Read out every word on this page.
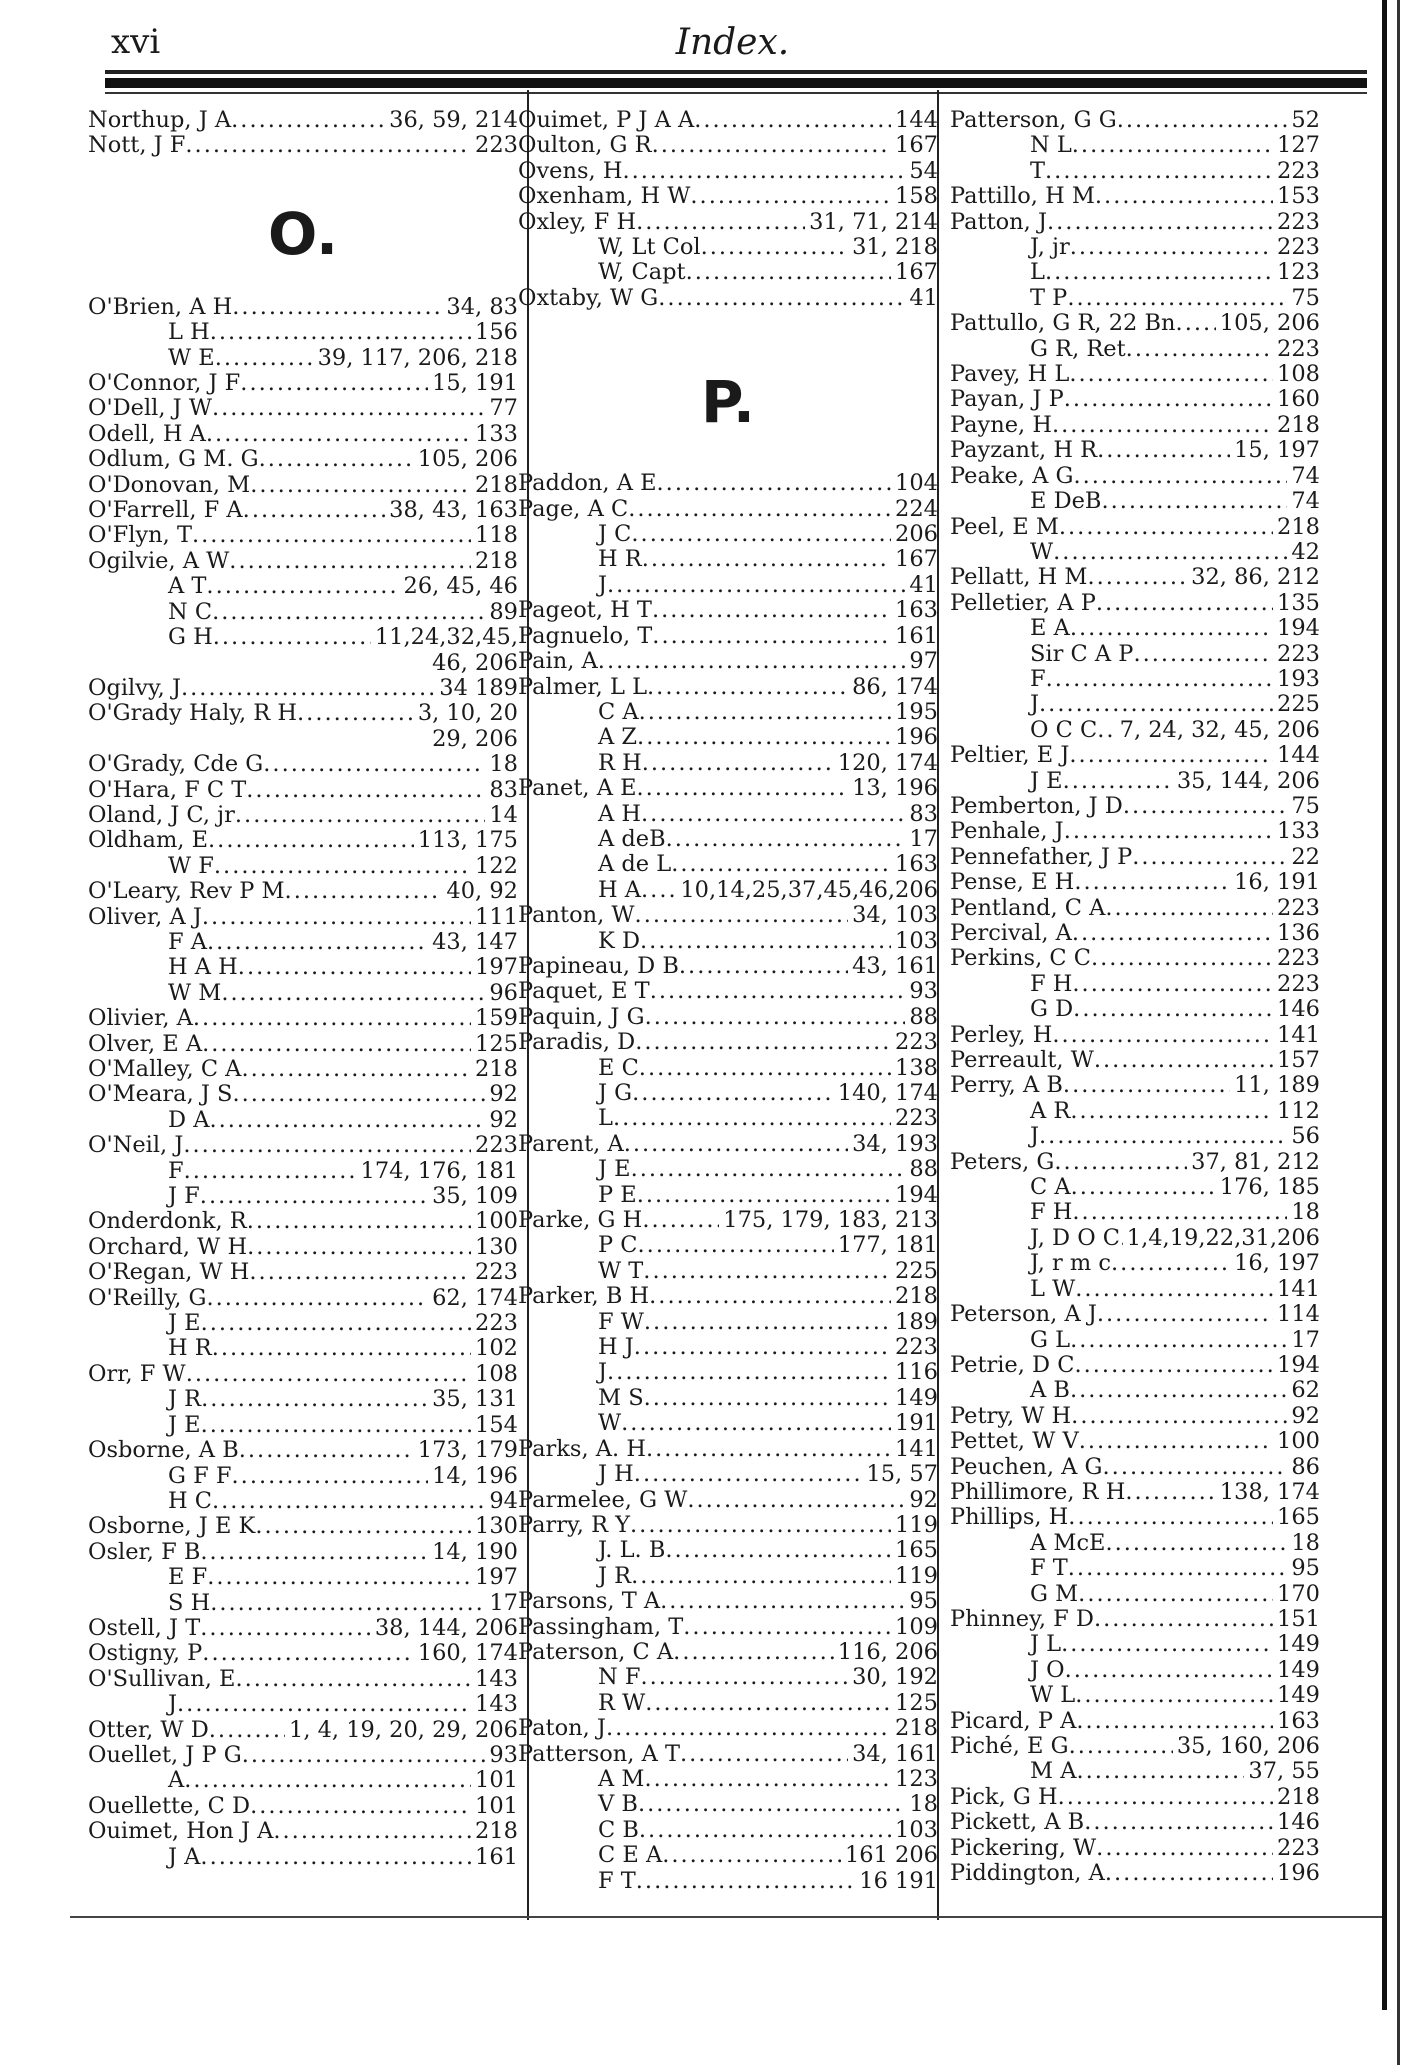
xvi	Index.
Northup, J A .....	36, 59, 214
Nott, J F .....	223
O.
O'Brien, A H .....	34, 83
L H .....	156
W E .....	39, 117, 206, 218
O'Connor, J F .....	15, 191
O'Dell, J W .....	77
Odell, H A .....	133
Odlum, G M. G .....	105, 206
O'Donovan, M .....	218
O'Farrell, F A .....	38, 43, 163
O'Flyn, T .....	118
Ogilvie, A W .....	218
A T .....	26, 45, 46
N C .....	89
G H .....	11,24,32,45,
46, 206
Ogilvy, J .....	34 189
O'Grady Haly, R H .....	3, 10, 20
29, 206
O'Grady, Cde G .....	18
O'Hara, F C T .....	83
Oland, J C, jr .....	14
Oldham, E .....	113, 175
W F .....	122
O'Leary, Rev P M .....	40, 92
Oliver, A J .....	111
F A .....	43, 147
H A H .....	197
W M .....	96
Olivier, A .....	159
Olver, E A .....	125
O'Malley, C A .....	218
O'Meara, J S .....	92
D A .....	92
O'Neil, J .....	223
F .....	174, 176, 181
J F .....	35, 109
Onderdonk, R .....	100
Orchard, W H .....	130
O'Regan, W H .....	223
O'Reilly, G .....	62, 174
J E .....	223
H R .....	102
Orr, F W .....	108
J R .....	35, 131
J E .....	154
Osborne, A B .....	173, 179
G F F .....	14, 196
H C .....	94
Osborne, J E K .....	130
Osler, F B .....	14, 190
E F .....	197
S H .....	17
Ostell, J T .....	38, 144, 206
Ostigny, P .....	160, 174
O'Sullivan, E .....	143
J .....	143
Otter, W D .....	1, 4, 19, 20, 29, 206
Ouellet, J P G .....	93
A .....	101
Ouellette, C D .....	101
Ouimet, Hon J A .....	218
J A .....	161
Ouimet, P J A A .....	144
Oulton, G R .....	167
Ovens, H .....	54
Oxenham, H W .....	158
Oxley, F H .....	31, 71, 214
W, Lt Col .....	31, 218
W, Capt .....	167
Oxtaby, W G .....	41
P.
Paddon, A E .....	104
Page, A C .....	224
J C .....	206
H R .....	167
J .....	41
Pageot, H T .....	163
Pagnuelo, T .....	161
Pain, A .....	97
Palmer, L L .....	86, 174
C A .....	195
A Z .....	196
R H .....	120, 174
Panet, A E .....	13, 196
A H .....	83
A deB .....	17
A de L .....	163
H A ..... 10,14,25,37,45,46,206
Panton, W .....	34, 103
K D .....	103
Papineau, D B .....	43, 161
Paquet, E T .....	93
Paquin, J G .....	88
Paradis, D .....	223
E C .....	138
J G .....	140, 174
L .....	223
Parent, A .....	34, 193
J E .....	88
P E .....	194
Parke, G H .....	175, 179, 183, 213
P C .....	177, 181
W T .....	225
Parker, B H .....	218
F W .....	189
H J .....	223
J .....	116
M S .....	149
W .....	191
Parks, A. H .....	141
J H .....	15, 57
Parmelee, G W .....	92
Parry, R Y .....	119
J. L. B .....	165
J R .....	119
Parsons, T A .....	95
Passingham, T .....	109
Paterson, C A .....	116, 206
N F .....	30, 192
R W .....	125
Paton, J .....	218
Patterson, A T .....	34, 161
A M .....	123
V B .....	18
C B .....	103
C E A .....	161 206
F T .....	16 191
Patterson, G G .....	52
N L .....	127
T .....	223
Pattillo, H M .....	153
Patton, J .....	223
J, jr .....	223
L .....	123
T P .....	75
Pattullo, G R, 22 Bn ..... 105, 206
G R, Ret .....	223
Pavey, H L .....	108
Payan, J P .....	160
Payne, H .....	218
Payzant, H R .....	15, 197
Peake, A G .....	74
E DeB .....	74
Peel, E M .....	218
W .....	42
Pellatt, H M .....	32, 86, 212
Pelletier, A P .....	135
E A .....	194
Sir C A P .....	223
F .....	193
J .....	225
O C C ..... 7, 24, 32, 45, 206
Peltier, E J .....	144
J E .....	35, 144, 206
Pemberton, J D .....	75
Penhale, J .....	133
Pennefather, J P .....	22
Pense, E H .....	16, 191
Pentland, C A .....	223
Percival, A .....	136
Perkins, C C .....	223
F H .....	223
G D .....	146
Perley, H .....	141
Perreault, W .....	157
Perry, A B .....	11, 189
A R .....	112
J .....	56
Peters, G .....	37, 81, 212
C A .....	176, 185
F H .....	18
J, D O C ..... 1,4,19,22,31,206
J, r m c .....	16, 197
L W .....	141
Peterson, A J .....	114
G L .....	17
Petrie, D C .....	194
A B .....	62
Petry, W H .....	92
Pettet, W V .....	100
Peuchen, A G .....	86
Phillimore, R H .....	138, 174
Phillips, H .....	165
A McE .....	18
F T .....	95
G M .....	170
Phinney, F D .....	151
J L .....	149
J O .....	149
W L .....	149
Picard, P A .....	163
Piché, E G .....	35, 160, 206
M A .....	37, 55
Pick, G H .....	218
Pickett, A B .....	146
Pickering, W .....	223
Piddington, A .....	196
